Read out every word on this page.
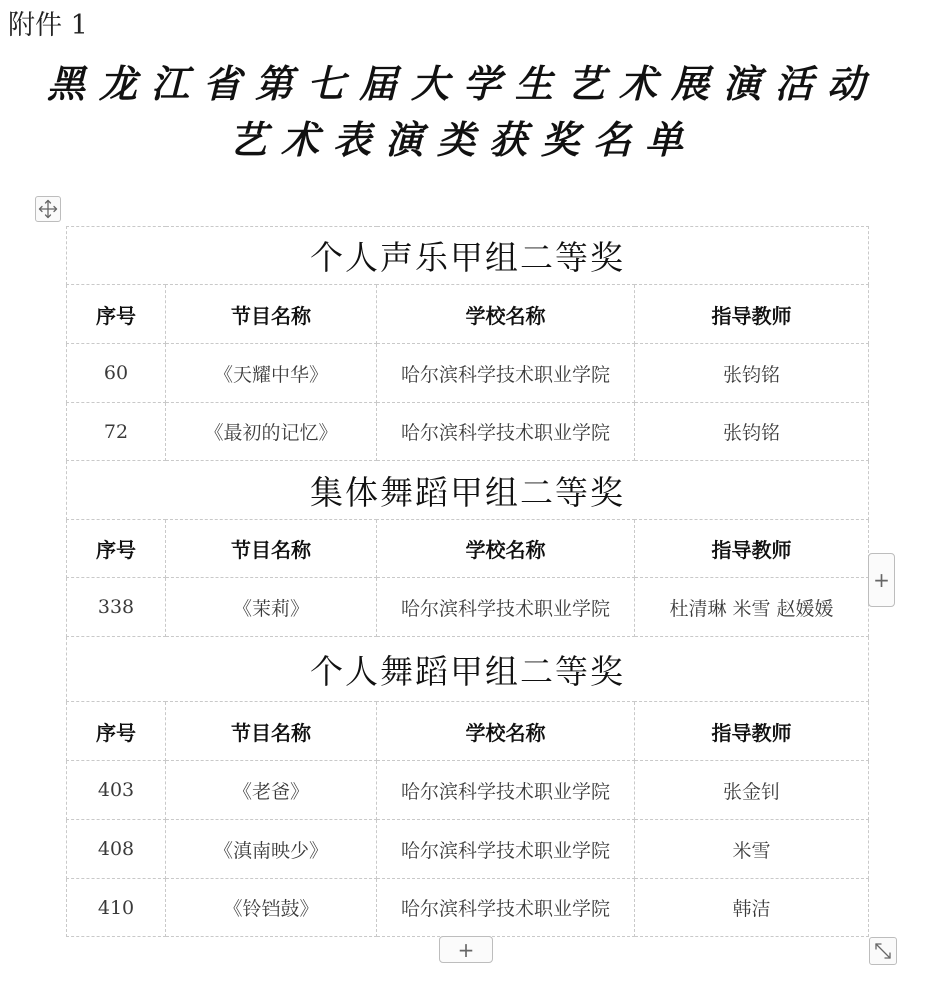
附件 1
黑龙江省第七届大学生艺术展演活动
艺术表演类获奖名单
个人声乐甲组二等奖			
序号	节目名称	学校名称	指导教师
60	《天耀中华》	哈尔滨科学技术职业学院	张钧铭
72	《最初的记忆》	哈尔滨科学技术职业学院	张钧铭
集体舞蹈甲组二等奖			
序号	节目名称	学校名称	指导教师
338	《茉莉》	哈尔滨科学技术职业学院	杜清琳 米雪 赵媛媛
个人舞蹈甲组二等奖			
序号	节目名称	学校名称	指导教师
403	《老爸》	哈尔滨科学技术职业学院	张金钊
408	《滇南映少》	哈尔滨科学技术职业学院	米雪
410	《铃铛鼓》	哈尔滨科学技术职业学院	韩洁
+
+
